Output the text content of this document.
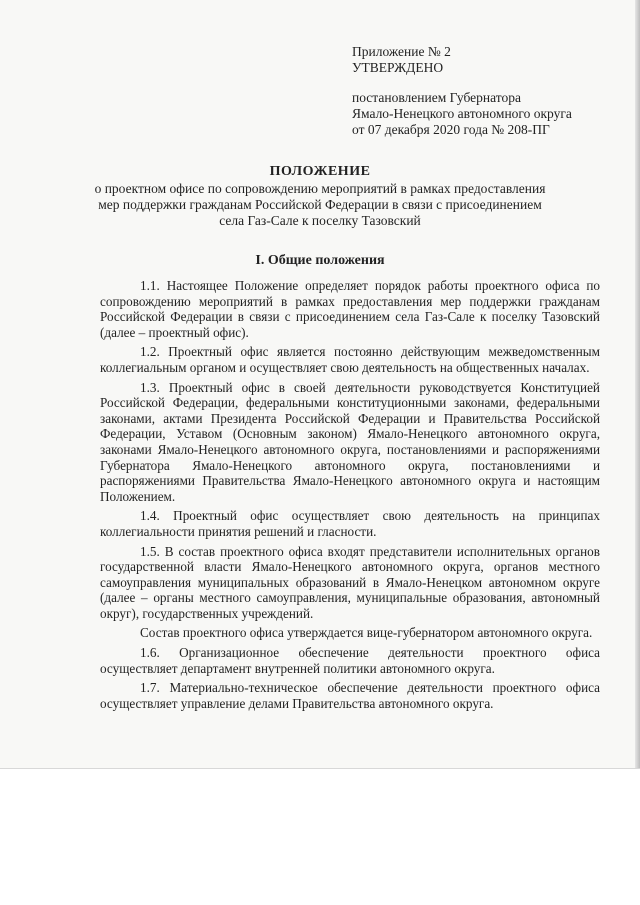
Приложение № 2
УТВЕРЖДЕНО
постановлением Губернатора
Ямало-Ненецкого автономного округа
от 07 декабря 2020 года № 208-ПГ
ПОЛОЖЕНИЕ
о проектном офисе по сопровождению мероприятий в рамках предоставления
мер поддержки гражданам Российской Федерации в связи с присоединением
села Газ-Сале к поселку Тазовский
I. Общие положения

1.1. Настоящее Положение определяет порядок работы проектного офиса по сопровождению мероприятий в рамках предоставления мер поддержки гражданам Российской Федерации в связи с присоединением села Газ-Сале к поселку Тазовский (далее – проектный офис).

1.2. Проектный офис является постоянно действующим межведомственным коллегиальным органом и осуществляет свою деятельность на общественных началах.

1.3. Проектный офис в своей деятельности руководствуется Конституцией Российской Федерации, федеральными конституционными законами, федеральными законами, актами Президента Российской Федерации и Правительства Российской Федерации, Уставом (Основным законом) Ямало-Ненецкого автономного округа, законами Ямало-Ненецкого автономного округа, постановлениями и распоряжениями Губернатора Ямало-Ненецкого автономного округа, постановлениями и распоряжениями Правительства Ямало-Ненецкого автономного округа и настоящим Положением.

1.4. Проектный офис осуществляет свою деятельность на принципах коллегиальности принятия решений и гласности.

1.5. В состав проектного офиса входят представители исполнительных органов государственной власти Ямало-Ненецкого автономного округа, органов местного самоуправления муниципальных образований в Ямало-Ненецком автономном округе (далее – органы местного самоуправления, муниципальные образования, автономный округ), государственных учреждений.

Состав проектного офиса утверждается вице-губернатором автономного округа.

1.6. Организационное обеспечение деятельности проектного офиса осуществляет департамент внутренней политики автономного округа.

1.7. Материально-техническое обеспечение деятельности проектного офиса осуществляет управление делами Правительства автономного округа.
